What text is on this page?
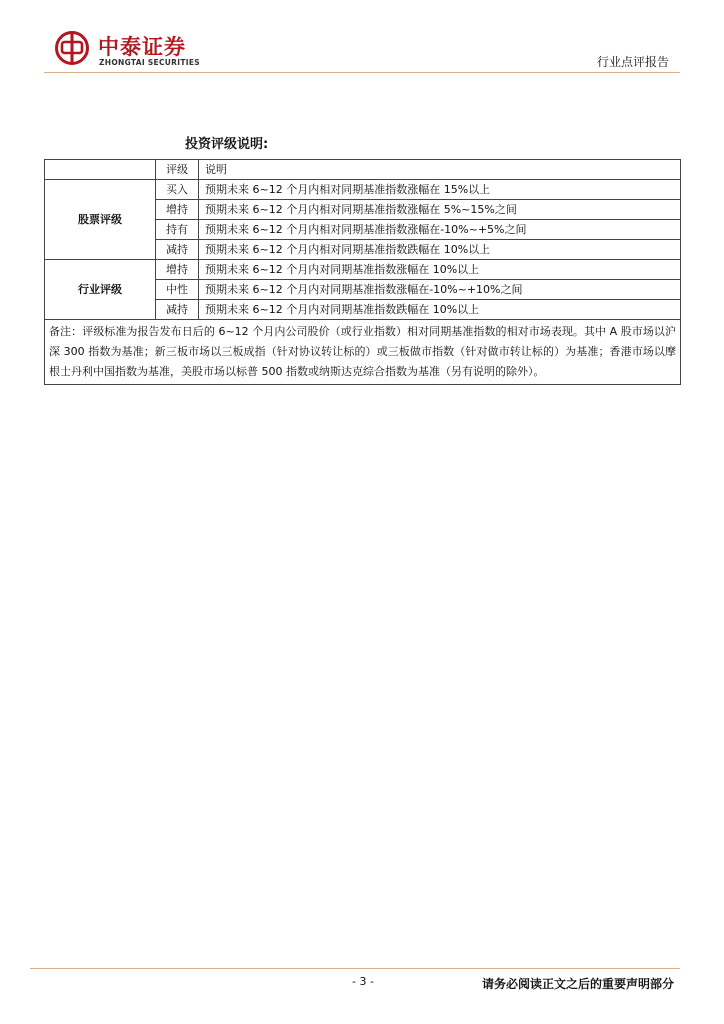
中泰证券
ZHONGTAI SECURITIES	行业点评报告
投资评级说明:
	评级	说明
股票评级	买入	预期未来 6~12 个月内相对同期基准指数涨幅在 15%以上
	增持	预期未来 6~12 个月内相对同期基准指数涨幅在 5%~15%之间
	持有	预期未来 6~12 个月内相对同期基准指数涨幅在-10%~+5%之间
	减持	预期未来 6~12 个月内相对同期基准指数跌幅在 10%以上
行业评级	增持	预期未来 6~12 个月内对同期基准指数涨幅在 10%以上
	中性	预期未来 6~12 个月内对同期基准指数涨幅在-10%~+10%之间
	减持	预期未来 6~12 个月内对同期基准指数跌幅在 10%以上
备注：评级标准为报告发布日后的 6~12 个月内公司股价（或行业指数）相对同期基准指数的相对市场表现。其中 A 股市场以沪深 300 指数为基准；新三板市场以三板成指（针对协议转让标的）或三板做市指数（针对做市转让标的）为基准；香港市场以摩根士丹利中国指数为基准，美股市场以标普 500 指数或纳斯达克综合指数为基准（另有说明的除外）。		
- 3 -	请务必阅读正文之后的重要声明部分
